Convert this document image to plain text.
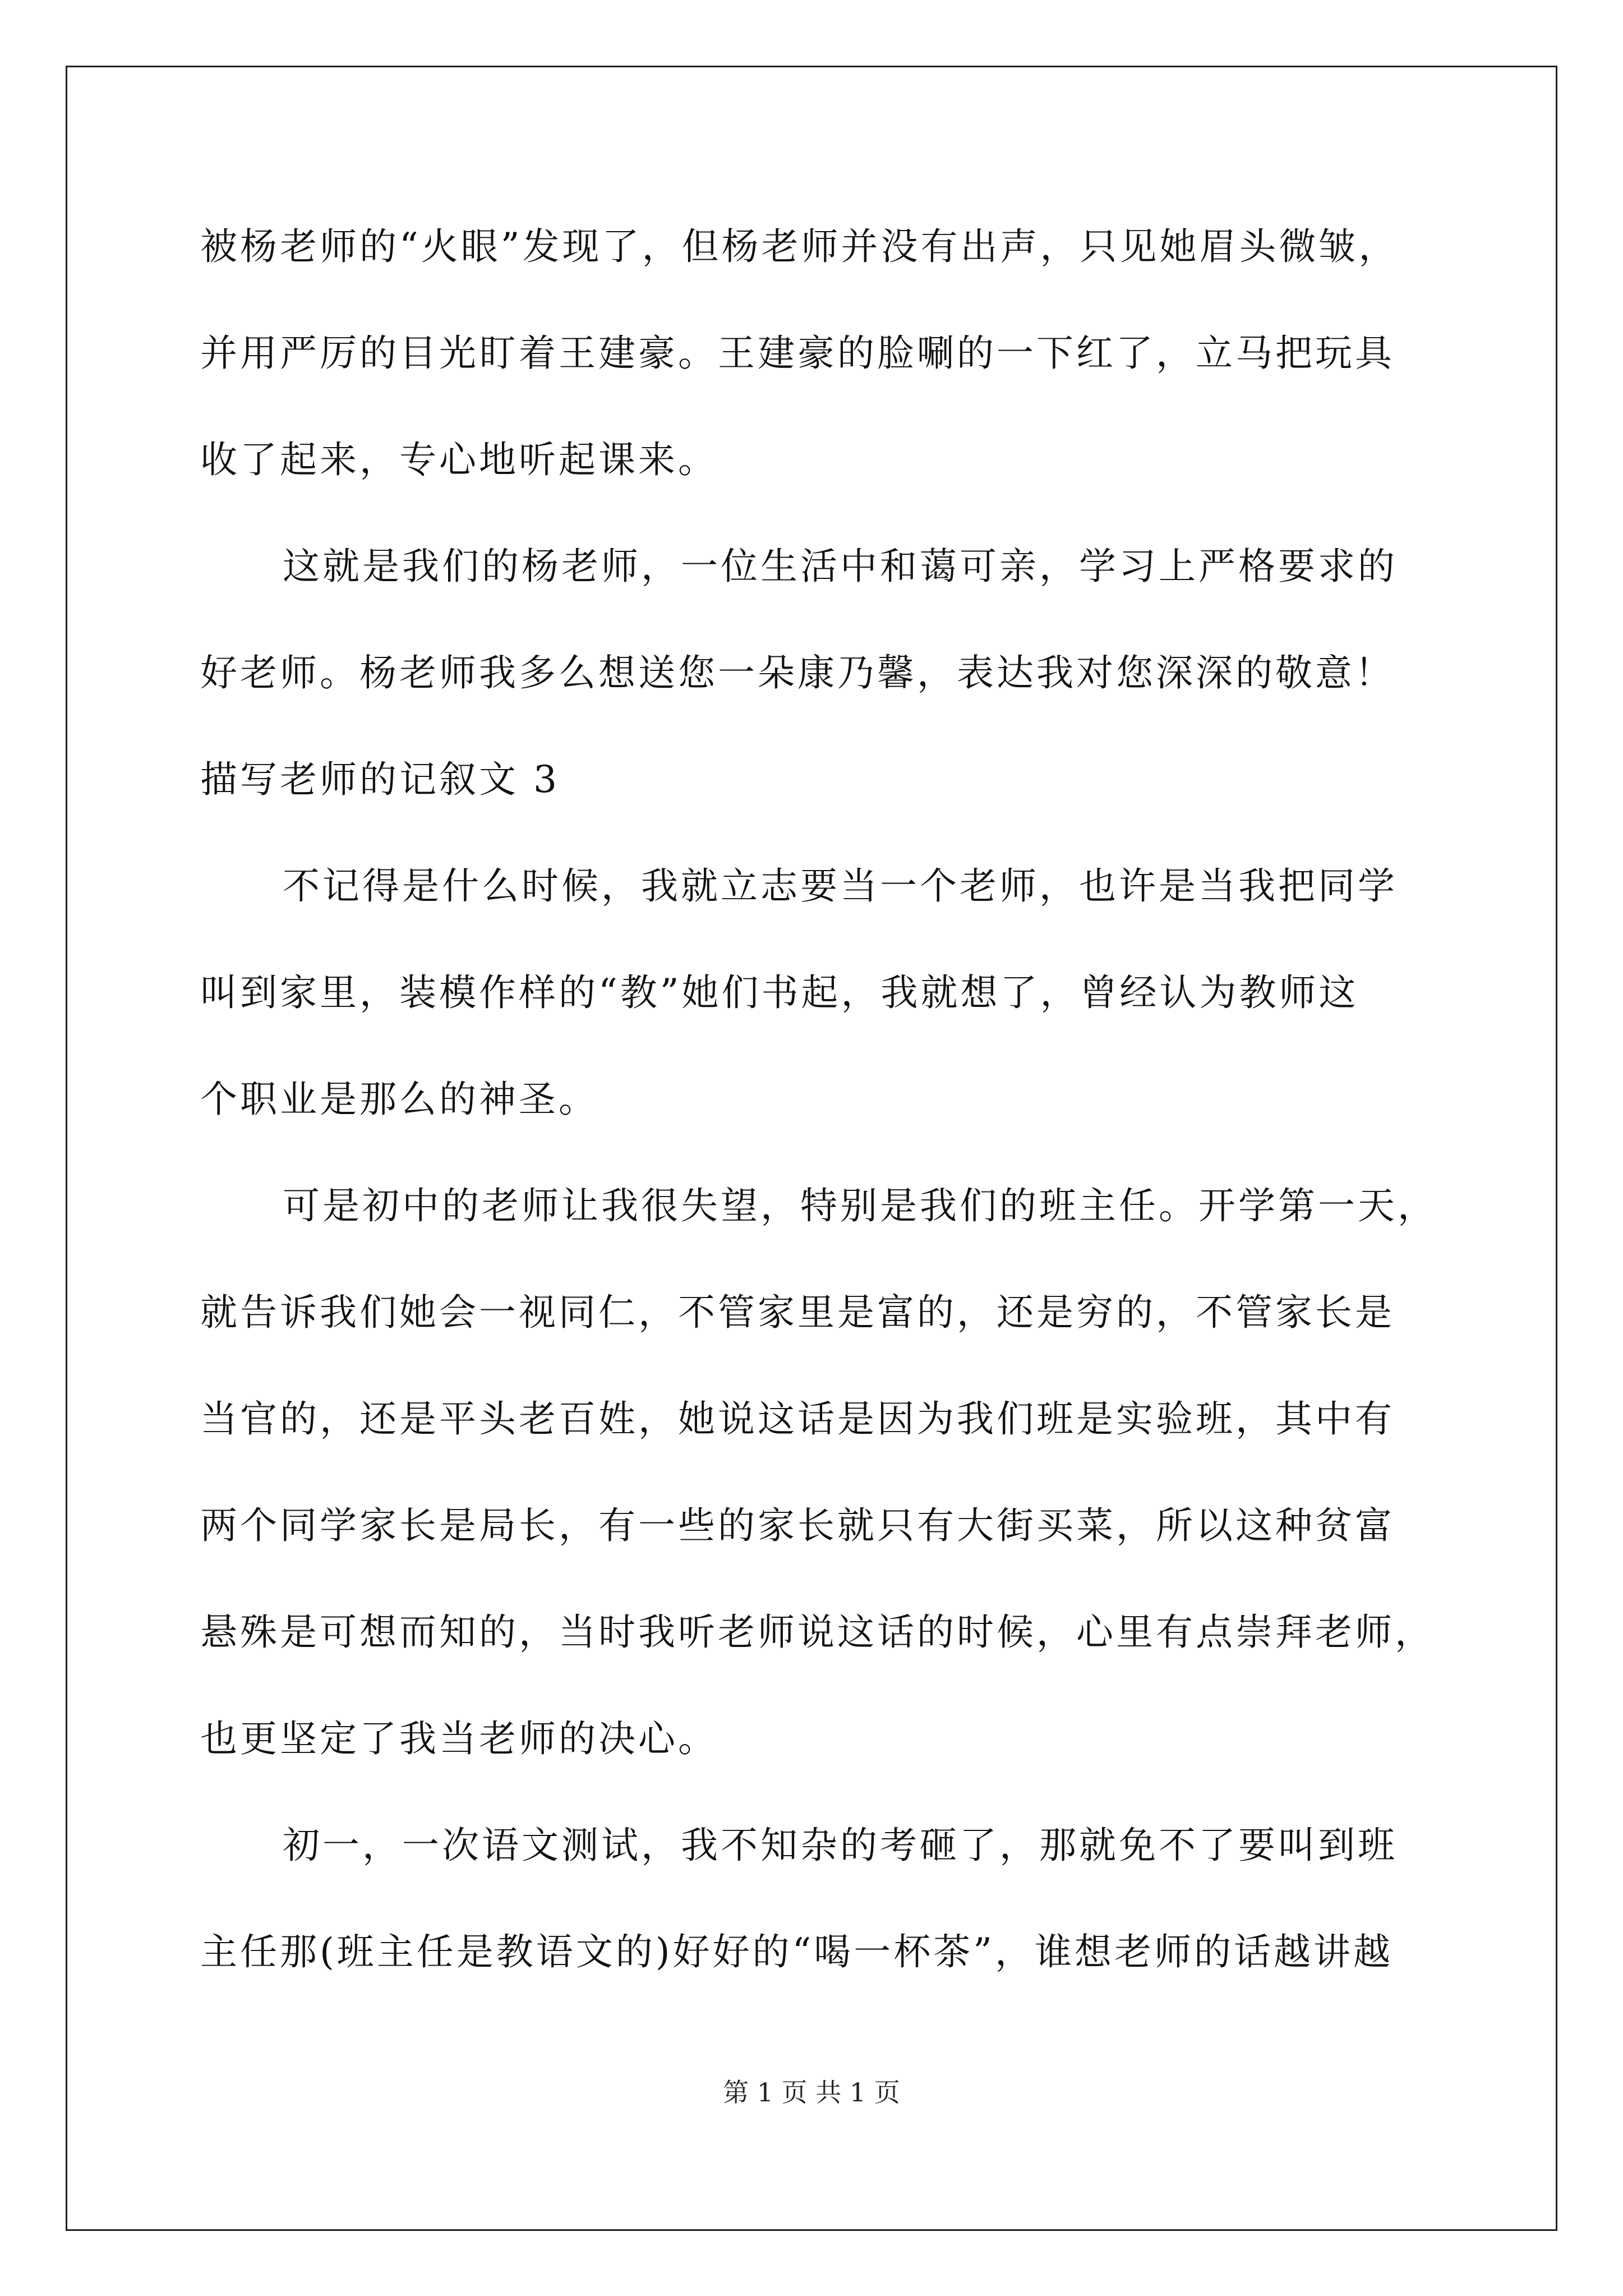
被杨老师的“火眼”发现了，但杨老师并没有出声，只见她眉头微皱，
并用严厉的目光盯着王建豪。王建豪的脸唰的一下红了，立马把玩具
收了起来，专心地听起课来。
这就是我们的杨老师，一位生活中和蔼可亲，学习上严格要求的
好老师。杨老师我多么想送您一朵康乃馨，表达我对您深深的敬意！
描写老师的记叙文 3
不记得是什么时候，我就立志要当一个老师，也许是当我把同学
叫到家里，装模作样的“教”她们书起，我就想了，曾经认为教师这
个职业是那么的神圣。
可是初中的老师让我很失望，特别是我们的班主任。开学第一天，
就告诉我们她会一视同仁，不管家里是富的，还是穷的，不管家长是
当官的，还是平头老百姓，她说这话是因为我们班是实验班，其中有
两个同学家长是局长，有一些的家长就只有大街买菜，所以这种贫富
悬殊是可想而知的，当时我听老师说这话的时候，心里有点崇拜老师，
也更坚定了我当老师的决心。
初一，一次语文测试，我不知杂的考砸了，那就免不了要叫到班
主任那(班主任是教语文的)好好的“喝一杯茶”，谁想老师的话越讲越
第 1 页 共 1 页
